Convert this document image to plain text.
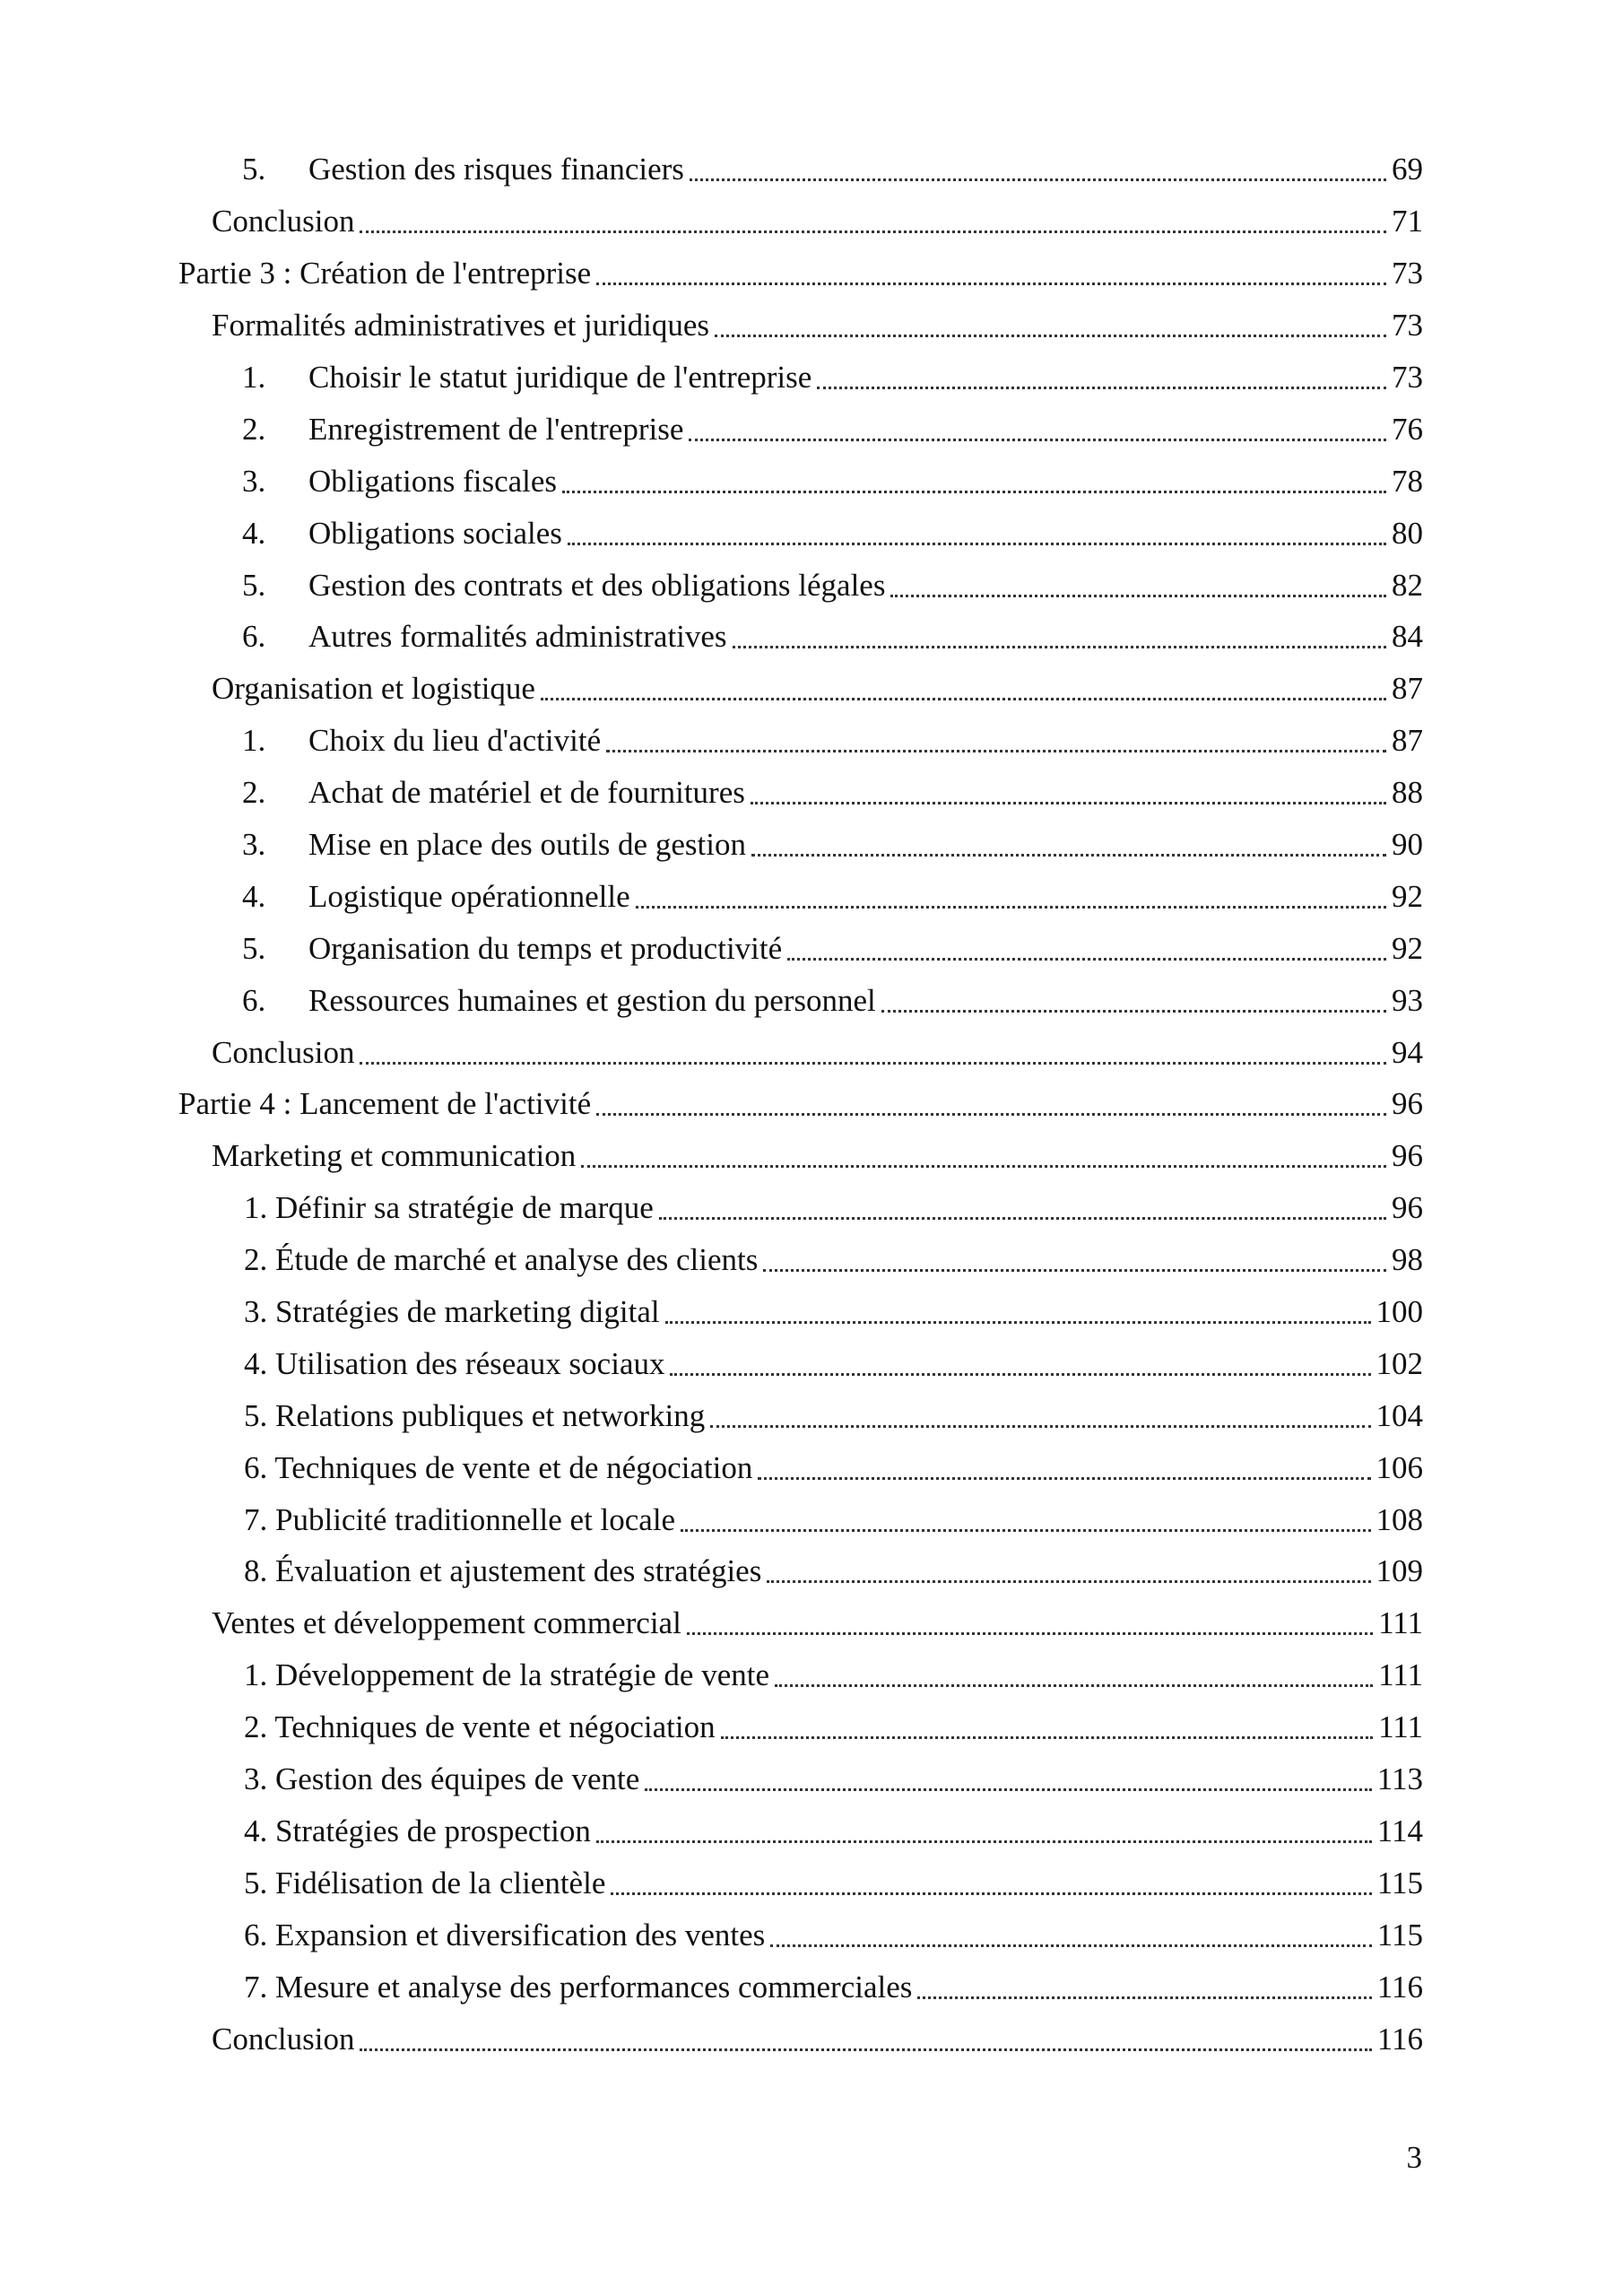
5.	Gestion des risques financiers	69
Conclusion	71
Partie 3 : Création de l'entreprise	73
Formalités administratives et juridiques	73
1.	Choisir le statut juridique de l'entreprise	73
2.	Enregistrement de l'entreprise	76
3.	Obligations fiscales	78
4.	Obligations sociales	80
5.	Gestion des contrats et des obligations légales	82
6.	Autres formalités administratives	84
Organisation et logistique	87
1.	Choix du lieu d'activité	87
2.	Achat de matériel et de fournitures	88
3.	Mise en place des outils de gestion	90
4.	Logistique opérationnelle	92
5.	Organisation du temps et productivité	92
6.	Ressources humaines et gestion du personnel	93
Conclusion	94
Partie 4 : Lancement de l'activité	96
Marketing et communication	96
1. Définir sa stratégie de marque	96
2. Étude de marché et analyse des clients	98
3. Stratégies de marketing digital	100
4. Utilisation des réseaux sociaux	102
5. Relations publiques et networking	104
6. Techniques de vente et de négociation	106
7. Publicité traditionnelle et locale	108
8. Évaluation et ajustement des stratégies	109
Ventes et développement commercial	111
1. Développement de la stratégie de vente	111
2. Techniques de vente et négociation	111
3. Gestion des équipes de vente	113
4. Stratégies de prospection	114
5. Fidélisation de la clientèle	115
6. Expansion et diversification des ventes	115
7. Mesure et analyse des performances commerciales	116
Conclusion	116
3
